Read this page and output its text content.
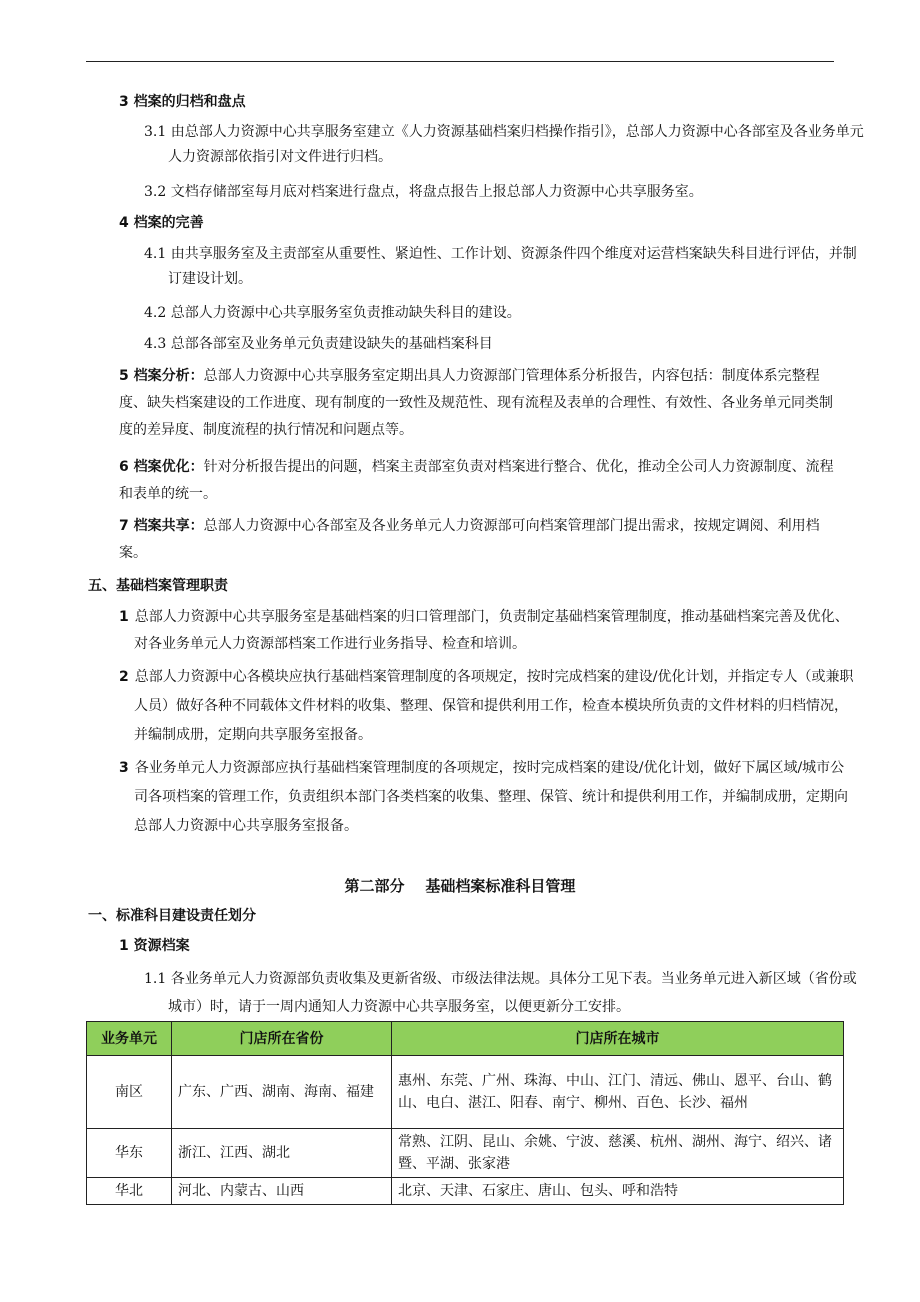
3 档案的归档和盘点
3.1 由总部人力资源中心共享服务室建立《人力资源基础档案归档操作指引》，总部人力资源中心各部室及各业务单元人力资源部依指引对文件进行归档。
3.2 文档存储部室每月底对档案进行盘点，将盘点报告上报总部人力资源中心共享服务室。
4 档案的完善
4.1 由共享服务室及主责部室从重要性、紧迫性、工作计划、资源条件四个维度对运营档案缺失科目进行评估，并制订建设计划。
4.2 总部人力资源中心共享服务室负责推动缺失科目的建设。
4.3 总部各部室及业务单元负责建设缺失的基础档案科目
5 档案分析：总部人力资源中心共享服务室定期出具人力资源部门管理体系分析报告，内容包括：制度体系完整程度、缺失档案建设的工作进度、现有制度的一致性及规范性、现有流程及表单的合理性、有效性、各业务单元同类制度的差异度、制度流程的执行情况和问题点等。
6 档案优化：针对分析报告提出的问题，档案主责部室负责对档案进行整合、优化，推动全公司人力资源制度、流程和表单的统一。
7 档案共享：总部人力资源中心各部室及各业务单元人力资源部可向档案管理部门提出需求，按规定调阅、利用档案。
五、基础档案管理职责
1 总部人力资源中心共享服务室是基础档案的归口管理部门，负责制定基础档案管理制度，推动基础档案完善及优化、对各业务单元人力资源部档案工作进行业务指导、检查和培训。
2 总部人力资源中心各模块应执行基础档案管理制度的各项规定，按时完成档案的建设/优化计划，并指定专人（或兼职人员）做好各种不同载体文件材料的收集、整理、保管和提供利用工作，检查本模块所负责的文件材料的归档情况，并编制成册，定期向共享服务室报备。
3 各业务单元人力资源部应执行基础档案管理制度的各项规定，按时完成档案的建设/优化计划，做好下属区域/城市公司各项档案的管理工作，负责组织本部门各类档案的收集、整理、保管、统计和提供利用工作，并编制成册，定期向总部人力资源中心共享服务室报备。
第二部分    基础档案标准科目管理
一、标准科目建设责任划分
1 资源档案
1.1 各业务单元人力资源部负责收集及更新省级、市级法律法规。具体分工见下表。当业务单元进入新区域（省份或城市）时，请于一周内通知人力资源中心共享服务室，以便更新分工安排。
业务单元	门店所在省份	门店所在城市
南区	广东、广西、湖南、海南、福建	惠州、东莞、广州、珠海、中山、江门、清远、佛山、恩平、台山、鹤山、电白、湛江、阳春、南宁、柳州、百色、长沙、福州
华东	浙江、江西、湖北	常熟、江阴、昆山、余姚、宁波、慈溪、杭州、湖州、海宁、绍兴、诸暨、平湖、张家港
华北	河北、内蒙古、山西	北京、天津、石家庄、唐山、包头、呼和浩特
